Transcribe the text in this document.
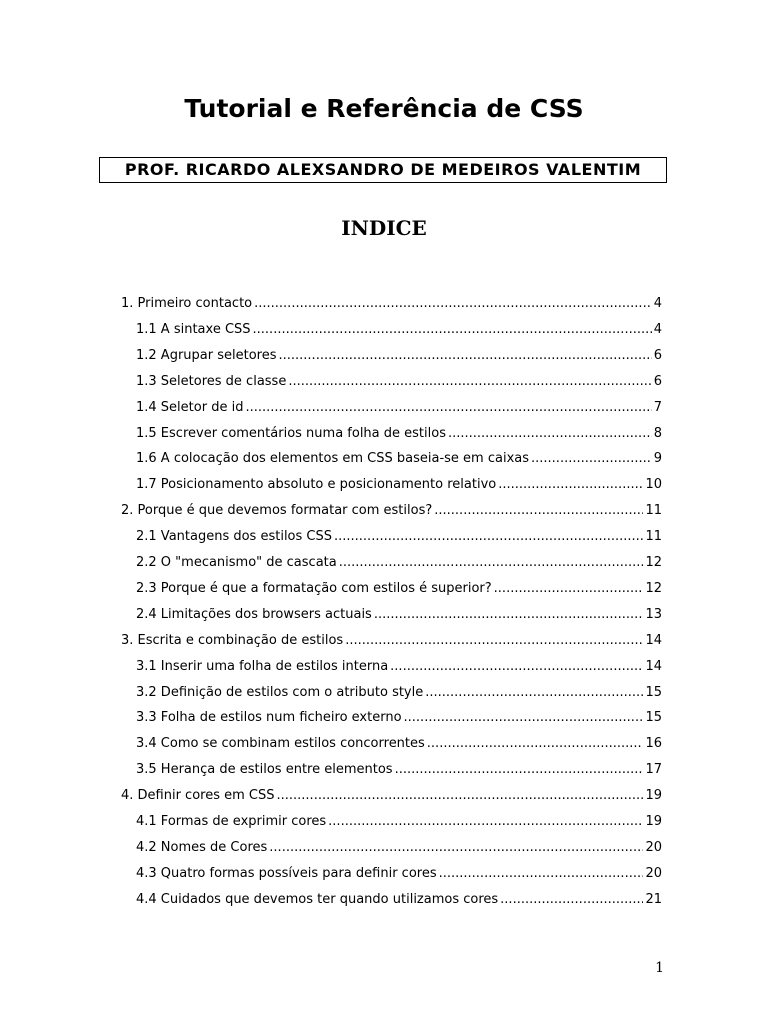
Tutorial e Referência de CSS
PROF. RICARDO ALEXSANDRO DE MEDEIROS VALENTIM
INDICE
1. Primeiro contacto .....	4
1.1 A sintaxe CSS .....	4
1.2 Agrupar seletores .....	6
1.3 Seletores de classe .....	6
1.4 Seletor de id .....	7
1.5 Escrever comentários numa folha de estilos .....	8
1.6 A colocação dos elementos em CSS baseia-se em caixas .....	9
1.7 Posicionamento absoluto e posicionamento relativo .....	10
2. Porque é que devemos formatar com estilos? .....	11
2.1 Vantagens dos estilos CSS .....	11
2.2 O "mecanismo" de cascata .....	12
2.3 Porque é que a formatação com estilos é superior? .....	12
2.4 Limitações dos browsers actuais .....	13
3. Escrita e combinação de estilos .....	14
3.1 Inserir uma folha de estilos interna .....	14
3.2 Definição de estilos com o atributo style .....	15
3.3 Folha de estilos num ficheiro externo .....	15
3.4 Como se combinam estilos concorrentes .....	16
3.5 Herança de estilos entre elementos .....	17
4. Definir cores em CSS .....	19
4.1 Formas de exprimir cores .....	19
4.2 Nomes de Cores .....	20
4.3 Quatro formas possíveis para definir cores .....	20
4.4 Cuidados que devemos ter quando utilizamos cores .....	21
1
